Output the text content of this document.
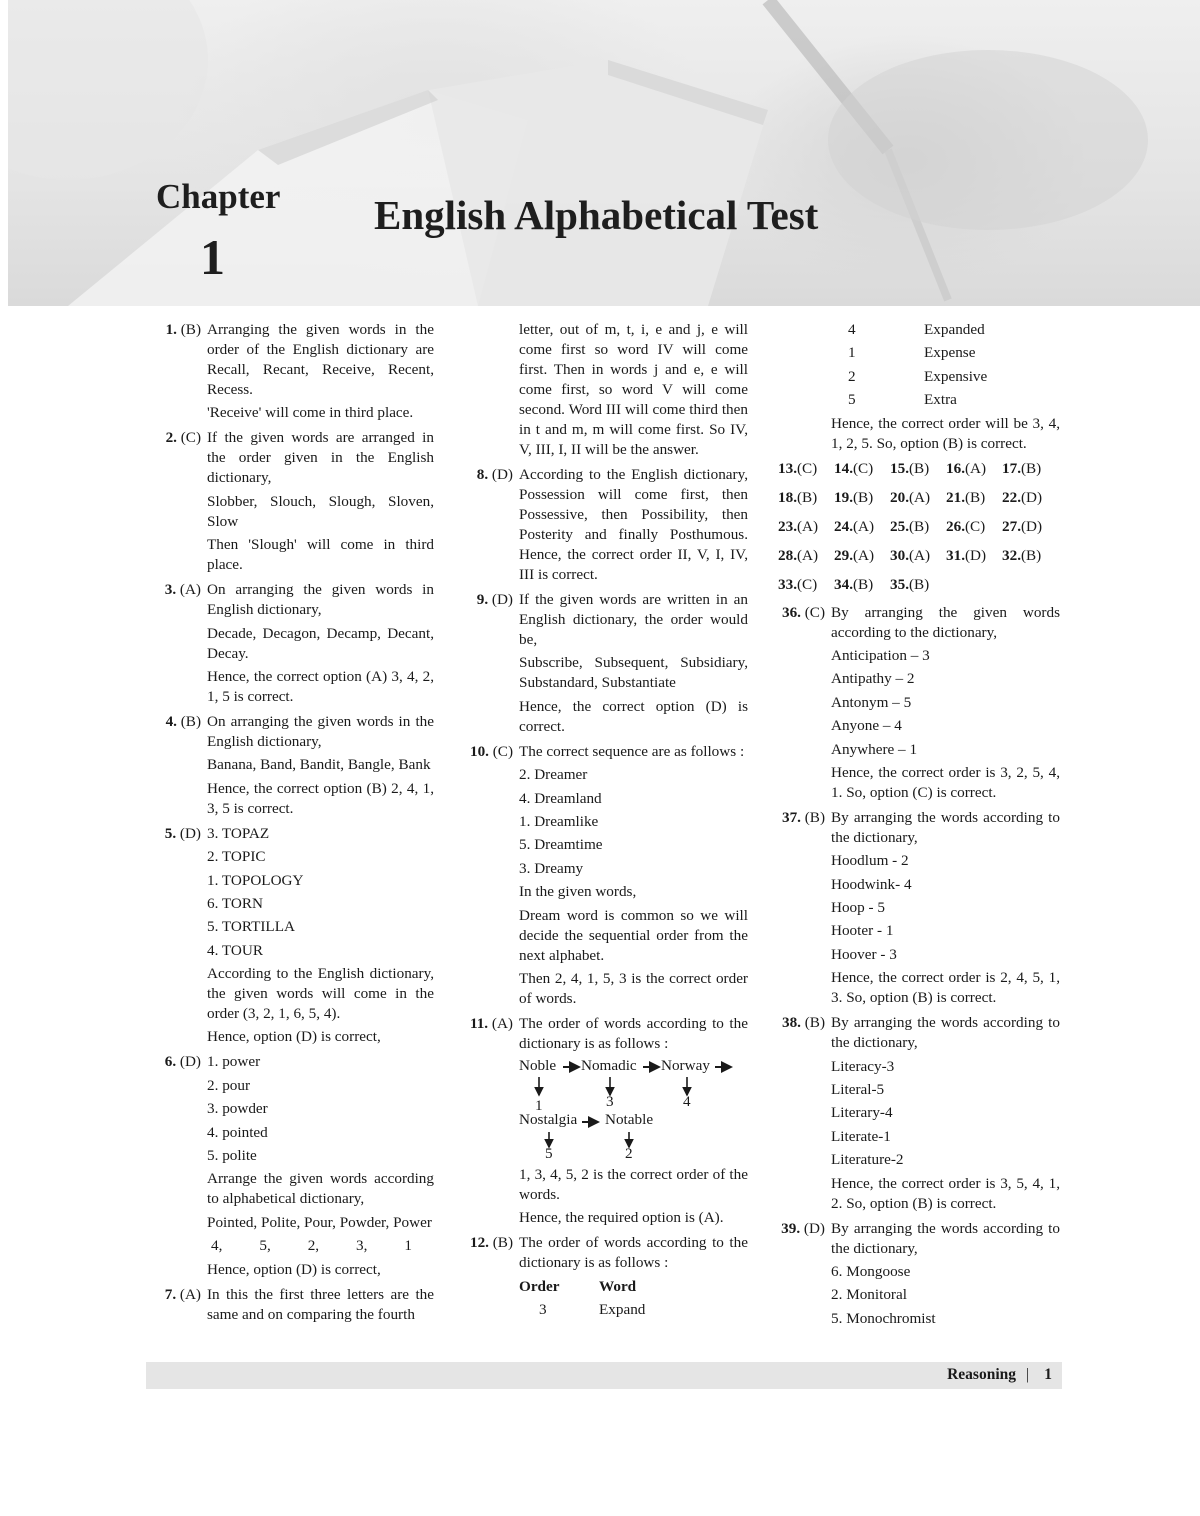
Chapter
1
English Alphabetical Test
1. (B) Arranging the given words in the order of the English dictionary are Recall, Recant, Receive, Recent, Recess.
'Receive' will come in third place.
2. (C) If the given words are arranged in the order given in the English dictionary,
Slobber, Slouch, Slough, Sloven, Slow
Then 'Slough' will come in third place.
3. (A) On arranging the given words in English dictionary,
Decade, Decagon, Decamp, Decant, Decay.
Hence, the correct option (A) 3, 4, 2, 1, 5 is correct.
4. (B) On arranging the given words in the English dictionary,
Banana, Band, Bandit, Bangle, Bank
Hence, the correct option (B) 2, 4, 1, 3, 5 is correct.
5. (D) 3. TOPAZ
2. TOPIC
1. TOPOLOGY
6. TORN
5. TORTILLA
4. TOUR
According to the English dictionary, the given words will come in the order (3, 2, 1, 6, 5, 4).
Hence, option (D) is correct,
6. (D) 1. power
2. pour
3. powder
4. pointed
5. polite
Arrange the given words according to alphabetical dictionary,
Pointed, Polite, Pour, Powder, Power
4, 5, 2, 3, 1
Hence, option (D) is correct,
7. (A) In this the first three letters are the same and on comparing the fourth
letter, out of m, t, i, e and j, e will come first so word IV will come first. Then in words j and e, e will come first, so word V will come second. Word III will come third then in t and m, m will come first. So IV, V, III, I, II will be the answer.
8. (D) According to the English dictionary, Possession will come first, then Possessive, then Possibility, then Posterity and finally Posthumous. Hence, the correct order II, V, I, IV, III is correct.
9. (D) If the given words are written in an English dictionary, the order would be,
Subscribe, Subsequent, Subsidiary, Substandard, Substantiate
Hence, the correct option (D) is correct.
10. (C) The correct sequence are as follows :
2. Dreamer
4. Dreamland
1. Dreamlike
5. Dreamtime
3. Dreamy
In the given words,
Dream word is common so we will decide the sequential order from the next alphabet.
Then 2, 4, 1, 5, 3 is the correct order of words.
11. (A) The order of words according to the dictionary is as follows :
Noble Nomadic Norway
1	3	4
Nostalgia Notable
5	2
1, 3, 4, 5, 2 is the correct order of the words.
Hence, the required option is (A).
12. (B) The order of words according to the dictionary is as follows :
Order	Word
3	Expand
4	Expanded
1	Expense
2	Expensive
5	Extra
Hence, the correct order will be 3, 4, 1, 2, 5. So, option (B) is correct.
13.(C)	14.(C)	15.(B)	16.(A)	17.(B)
18.(B)	19.(B)	20.(A)	21.(B)	22.(D)
23.(A)	24.(A)	25.(B)	26.(C)	27.(D)
28.(A)	29.(A)	30.(A)	31.(D)	32.(B)
33.(C)	34.(B)	35.(B)
36. (C) By arranging the given words according to the dictionary,
Anticipation – 3
Antipathy – 2
Antonym – 5
Anyone – 4
Anywhere – 1
Hence, the correct order is 3, 2, 5, 4, 1. So, option (C) is correct.
37. (B) By arranging the words according to the dictionary,
Hoodlum - 2
Hoodwink- 4
Hoop - 5
Hooter - 1
Hoover - 3
Hence, the correct order is 2, 4, 5, 1, 3. So, option (B) is correct.
38. (B) By arranging the words according to the dictionary,
Literacy-3
Literal-5
Literary-4
Literate-1
Literature-2
Hence, the correct order is 3, 5, 4, 1, 2. So, option (B) is correct.
39. (D) By arranging the words according to the dictionary,
6. Mongoose
2. Monitoral
5. Monochromist
Reasoning | 1
